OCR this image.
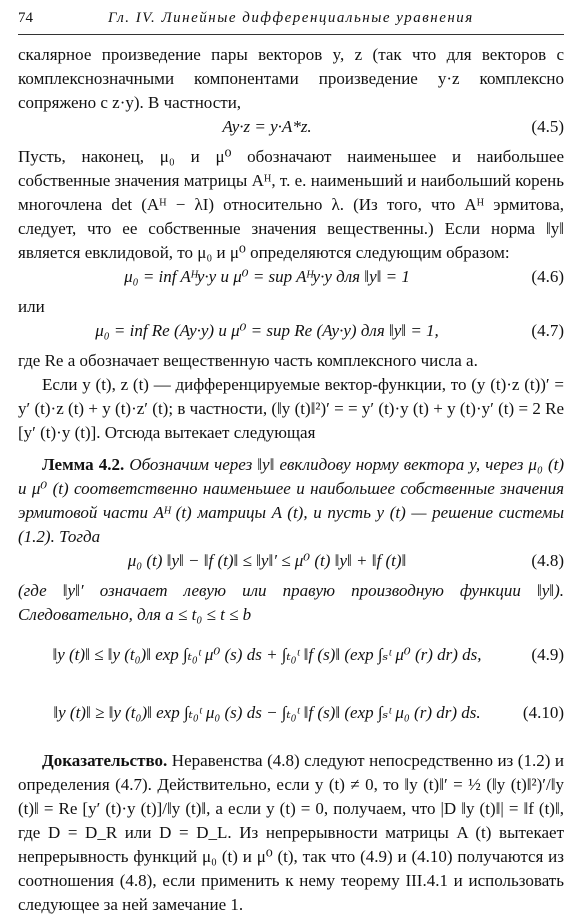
74	Гл. IV. Линейные дифференциальные уравнения

скалярное произведение пары векторов y, z (так что для векторов с комплекснозначными компонентами произведение y·z комплексно сопряжено с z·y). В частности,

Ay·z = y·A*z.	(4.5)

Пусть, наконец, μ₀ и μ⁰ обозначают наименьшее и наибольшее собственные значения матрицы Aᴴ, т. е. наименьший и наибольший корень многочлена det (Aᴴ − λI) относительно λ. (Из того, что Aᴴ эрмитова, следует, что ее собственные значения вещественны.) Если норма ‖y‖ является евклидовой, то μ₀ и μ⁰ определяются следующим образом:

μ₀ = inf Aᴴy·y и μ⁰ = sup Aᴴy·y для ‖y‖ = 1	(4.6)

или

μ₀ = inf Re (Ay·y) и μ⁰ = sup Re (Ay·y) для ‖y‖ = 1,	(4.7)

где Re a обозначает вещественную часть комплексного числа a.

Если y (t), z (t) — дифференцируемые вектор-функции, то (y (t)·z (t))′ = y′ (t)·z (t) + y (t)·z′ (t); в частности, (‖y (t)‖²)′ = = y′ (t)·y (t) + y (t)·y′ (t) = 2 Re [y′ (t)·y (t)]. Отсюда вытекает следующая

Лемма 4.2. Обозначим через ‖y‖ евклидову норму вектора y, через μ₀ (t) и μ⁰ (t) соответственно наименьшее и наибольшее собственные значения эрмитовой части Aᴴ (t) матрицы A (t), и пусть y (t) — решение системы (1.2). Тогда

μ₀ (t) ‖y‖ − ‖f (t)‖ ≤ ‖y‖′ ≤ μ⁰ (t) ‖y‖ + ‖f (t)‖	(4.8)

(где ‖y‖′ означает левую или правую производную функции ‖y‖). Следовательно, для a ≤ t₀ ≤ t ≤ b

‖y (t)‖ ≤ ‖y (t₀)‖ exp ∫ₜ₀ᵗ μ⁰ (s) ds + ∫ₜ₀ᵗ ‖f (s)‖ (exp ∫ₛᵗ μ⁰ (r) dr) ds,	(4.9)
‖y (t)‖ ≥ ‖y (t₀)‖ exp ∫ₜ₀ᵗ μ₀ (s) ds − ∫ₜ₀ᵗ ‖f (s)‖ (exp ∫ₛᵗ μ₀ (r) dr) ds.	(4.10)

Доказательство. Неравенства (4.8) следуют непосредственно из (1.2) и определения (4.7). Действительно, если y (t) ≠ 0, то ‖y (t)‖′ = ½ (‖y (t)‖²)′/‖y (t)‖ = Re [y′ (t)·y (t)]/‖y (t)‖, а если y (t) = 0, получаем, что |D ‖y (t)‖| = ‖f (t)‖, где D = D_R или D = D_L. Из непрерывности матрицы A (t) вытекает непрерывность функций μ₀ (t) и μ⁰ (t), так что (4.9) и (4.10) получаются из соотношения (4.8), если применить к нему теорему III.4.1 и использовать следующее за ней замечание 1.
